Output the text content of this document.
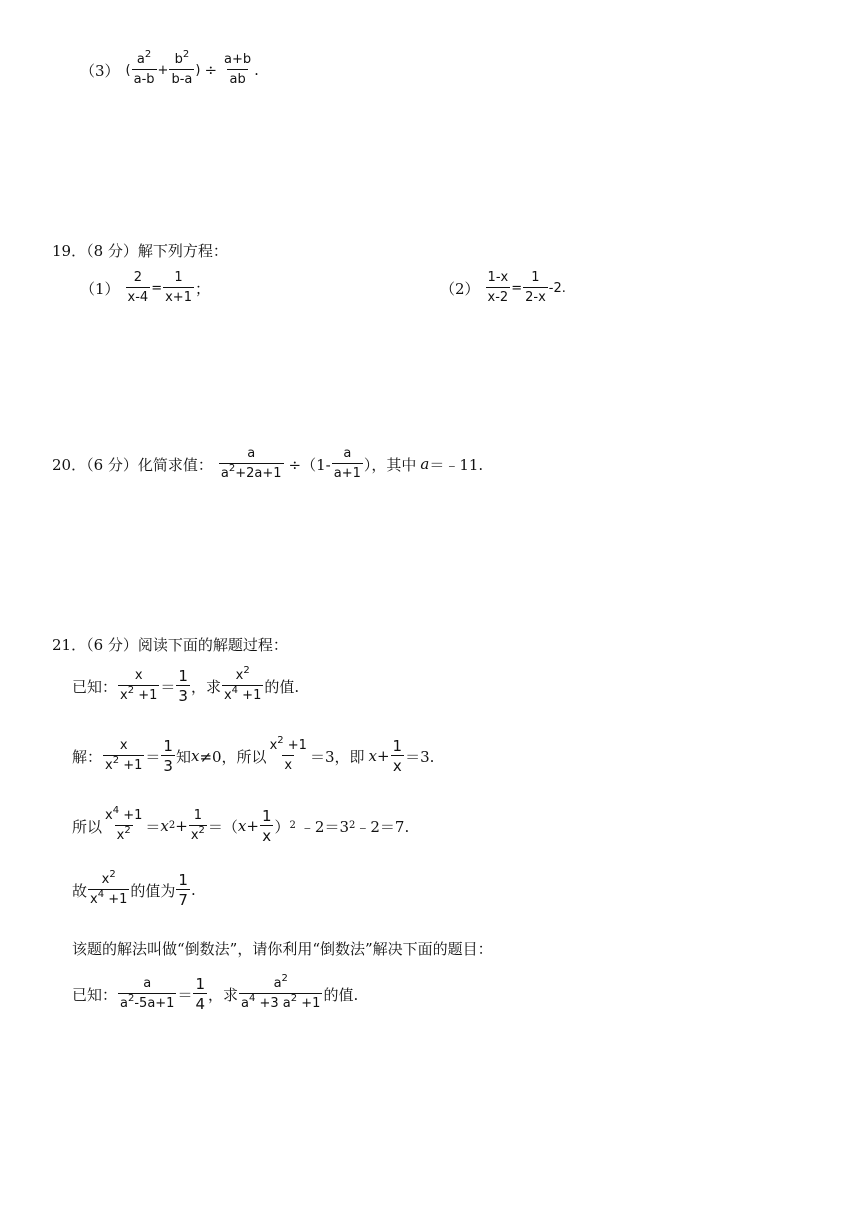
（3） ( $\frac{a^2}{a-b} + \frac{b^2}{b-a}$ ) ÷ $\frac{a+b}{ab}$ .
19．（8 分）解下列方程：
$(1) \frac{2}{x-4} = \frac{1}{x+1}$ ；	$(2) \frac{1-x}{x-2} = \frac{1}{2-x} -2$.
20．（6 分）化简求值： $\frac{a}{a^2+2a+1} \div(1- \frac{a}{a+1}$ ），其中 a ＝﹣11.
21．（6 分）阅读下面的解题过程：
已知： $\frac{x}{x^2 +1} = \frac{1}{3}$ ，求 $\frac{x^2}{x^4 +1}$ 的值.
解： $\frac{x}{x^2 +1} = \frac{1}{3}$ 知 x ≠0，所以 $\frac{x^2 +1}{x} =3$，即 $x + \frac{1}{x} =3$.
所以 $\frac{x^4 +1}{x^2} = x$ $2 + \frac{1}{x^2}$ ＝（ $x + \frac{1}{x}$ ） 2 ﹣2＝3 2 ﹣2＝7.
故 $\frac{x^2}{x^4 +1}$ 的值为 $\frac{1}{7}$ .
该题的解法叫做“倒数法”，请你利用“倒数法”解决下面的题目：
已知： $\frac{a}{a^2-5a+1} = \frac{1}{4}$ ，求 $\frac{a^2}{a^4 +3 a^2 +1}$ 的值.
